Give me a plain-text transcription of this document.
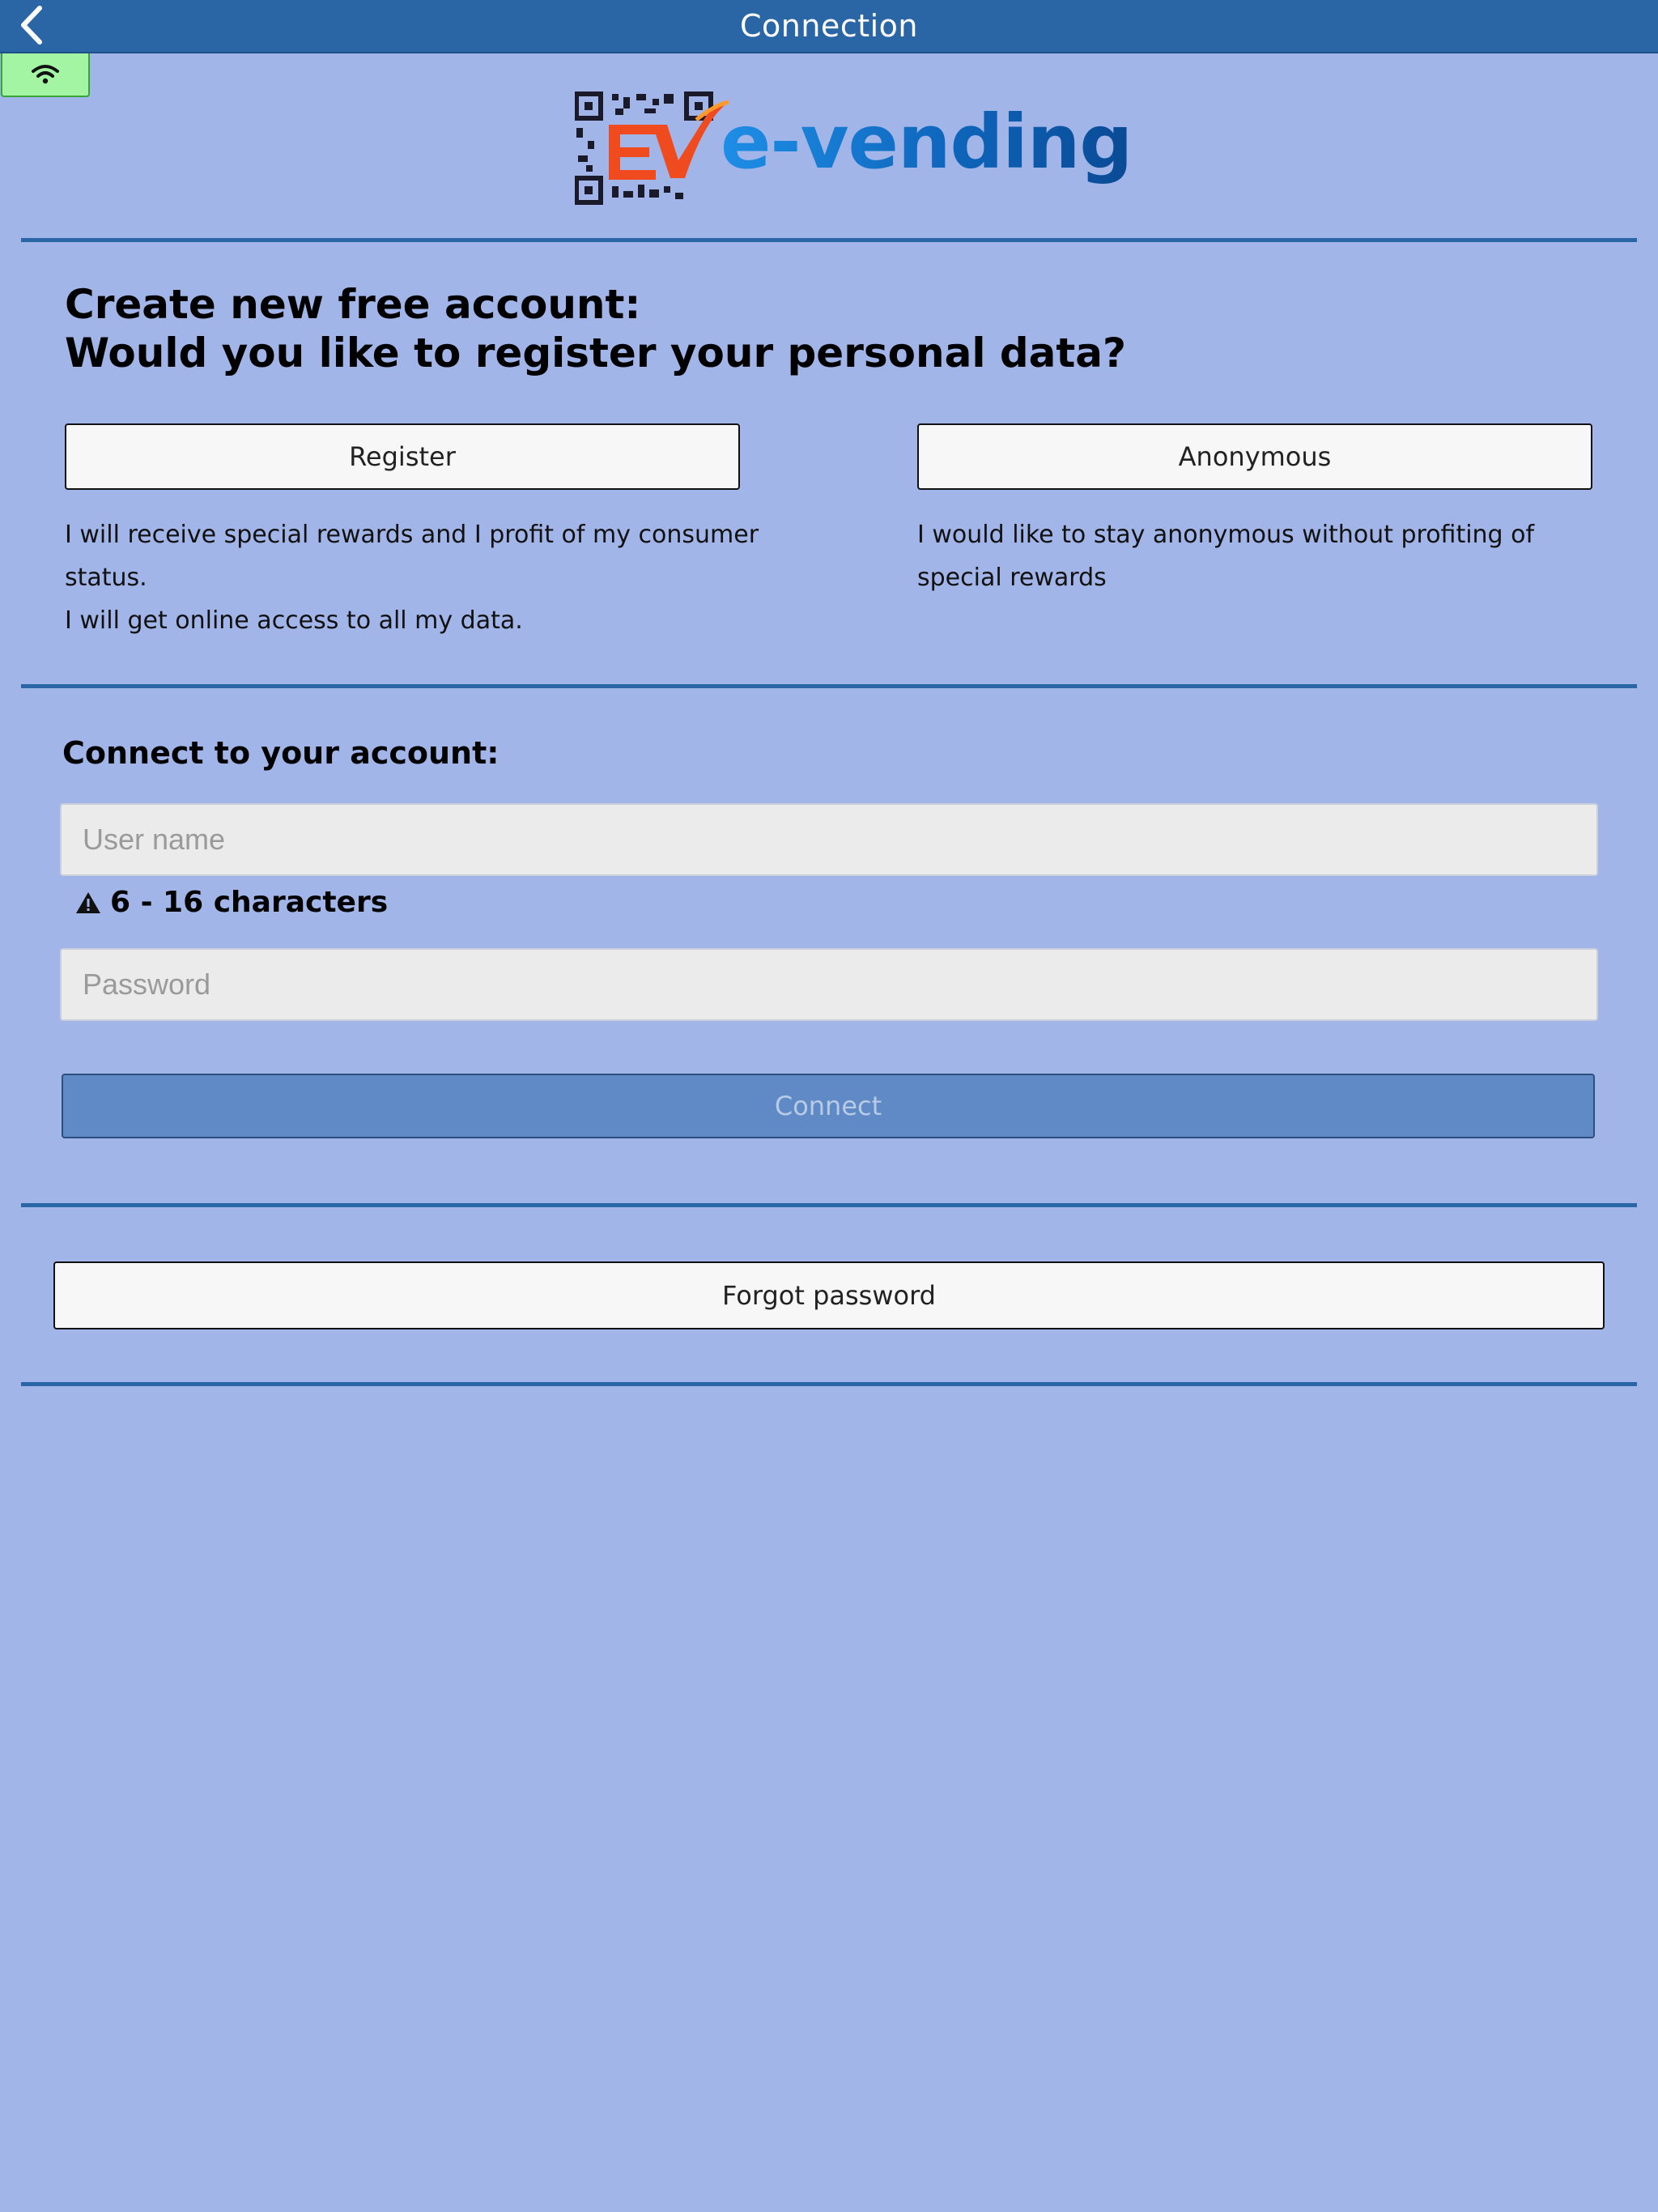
Connection
e-vending
Create new free account:
Would you like to register your personal data?
Register	Anonymous
I will receive special rewards and I profit of my consumer
status.
I will get online access to all my data.
I would like to stay anonymous without profiting of
special rewards
Connect to your account:
User name
6 - 16 characters
Connect
Forgot password
